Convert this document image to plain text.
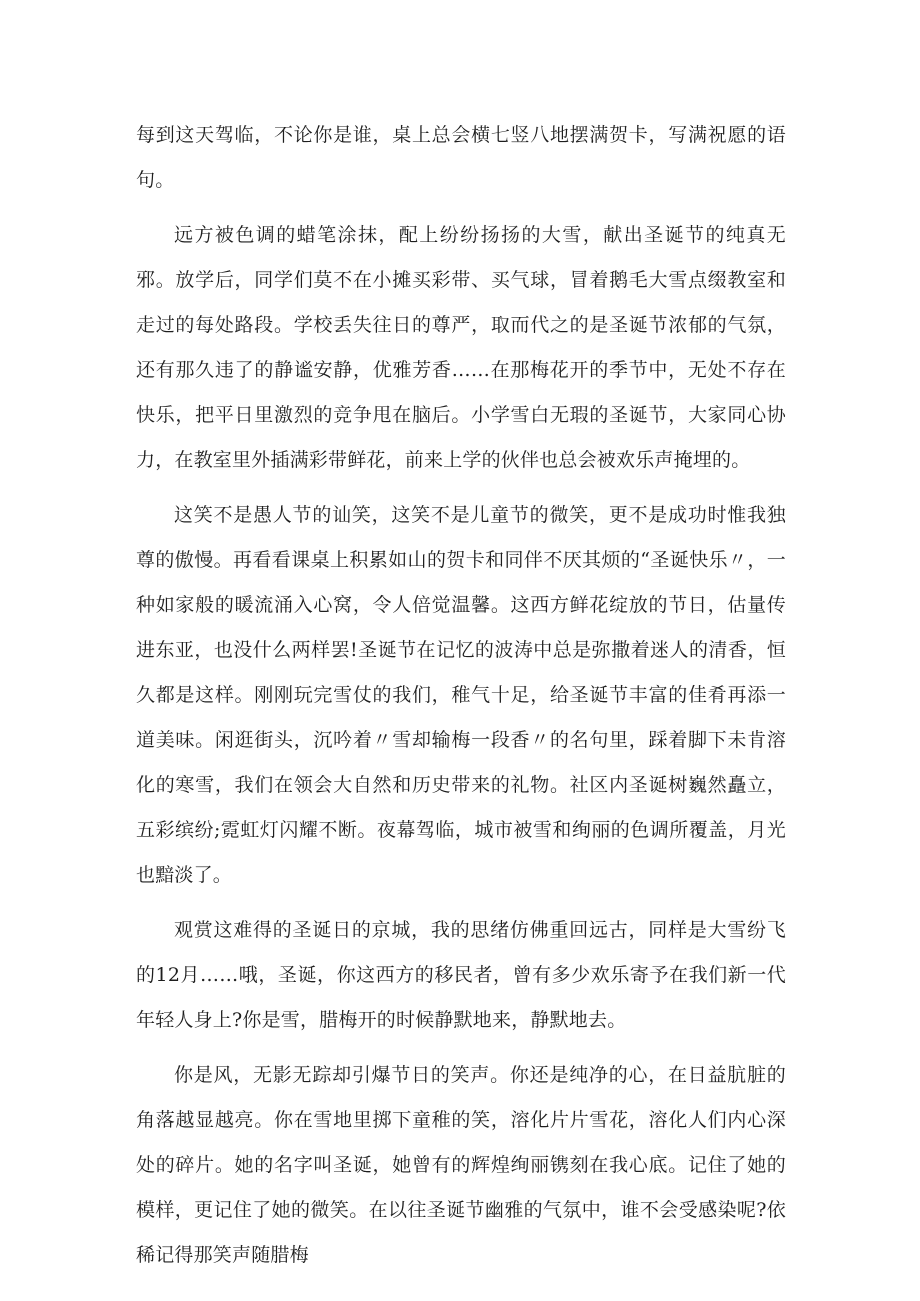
每到这天驾临，不论你是谁，桌上总会横七竖八地摆满贺卡，写满祝愿的语句。

远方被色调的蜡笔涂抹，配上纷纷扬扬的大雪，献出圣诞节的纯真无邪。放学后，同学们莫不在小摊买彩带、买气球，冒着鹅毛大雪点缀教室和走过的每处路段。学校丢失往日的尊严，取而代之的是圣诞节浓郁的气氛，还有那久违了的静谧安静，优雅芳香……在那梅花开的季节中，无处不存在快乐，把平日里激烈的竞争甩在脑后。小学雪白无瑕的圣诞节，大家同心协力，在教室里外插满彩带鲜花，前来上学的伙伴也总会被欢乐声掩埋的。

这笑不是愚人节的讪笑，这笑不是儿童节的微笑，更不是成功时惟我独尊的傲慢。再看看课桌上积累如山的贺卡和同伴不厌其烦的“圣诞快乐〃，一种如家般的暖流涌入心窝，令人倍觉温馨。这西方鲜花绽放的节日，估量传进东亚，也没什么两样罢!圣诞节在记忆的波涛中总是弥撒着迷人的清香，恒久都是这样。刚刚玩完雪仗的我们，稚气十足，给圣诞节丰富的佳肴再添一道美味。闲逛街头，沉吟着〃雪却输梅一段香〃的名句里，踩着脚下未肯溶化的寒雪，我们在领会大自然和历史带来的礼物。社区内圣诞树巍然矗立，五彩缤纷;霓虹灯闪耀不断。夜幕驾临，城市被雪和绚丽的色调所覆盖，月光也黯淡了。

观赏这难得的圣诞日的京城，我的思绪仿佛重回远古，同样是大雪纷飞的12月……哦，圣诞，你这西方的移民者，曾有多少欢乐寄予在我们新一代年轻人身上?你是雪，腊梅开的时候静默地来，静默地去。

你是风，无影无踪却引爆节日的笑声。你还是纯净的心，在日益肮脏的角落越显越亮。你在雪地里掷下童稚的笑，溶化片片雪花，溶化人们内心深处的碎片。她的名字叫圣诞，她曾有的辉煌绚丽镌刻在我心底。记住了她的模样，更记住了她的微笑。在以往圣诞节幽雅的气氛中，谁不会受感染呢?依稀记得那笑声随腊梅
